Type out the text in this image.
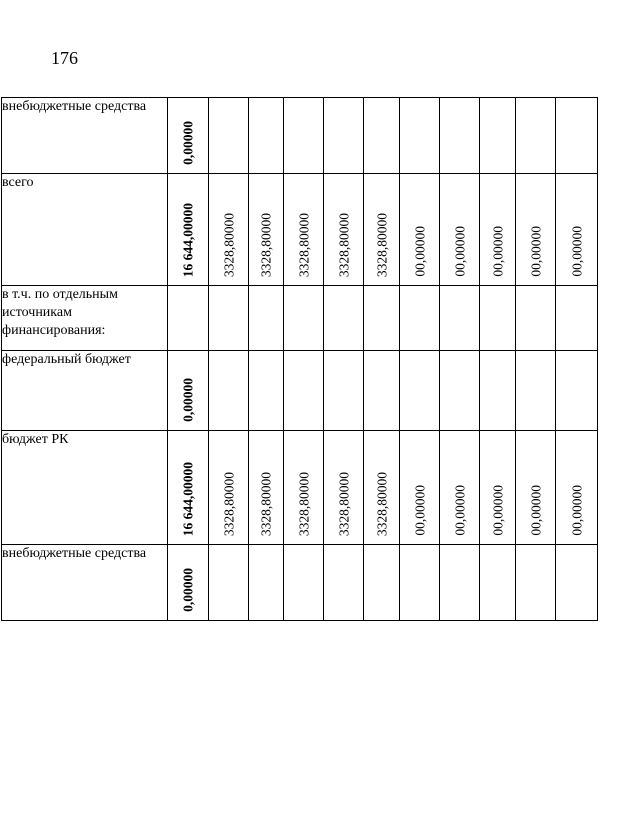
176
внебюджетные средства	0,00000										

всего	16 644,00000	3328,80000	3328,80000	3328,80000	3328,80000	3328,80000	00,00000	00,00000	00,00000	00,00000	00,00000

в т.ч. по отдельным источникам финансирования:	

федеральный бюджет	0,00000										

бюджет РК	16 644,00000	3328,80000	3328,80000	3328,80000	3328,80000	3328,80000	00,00000	00,00000	00,00000	00,00000	00,00000

внебюджетные средства	0,00000										
